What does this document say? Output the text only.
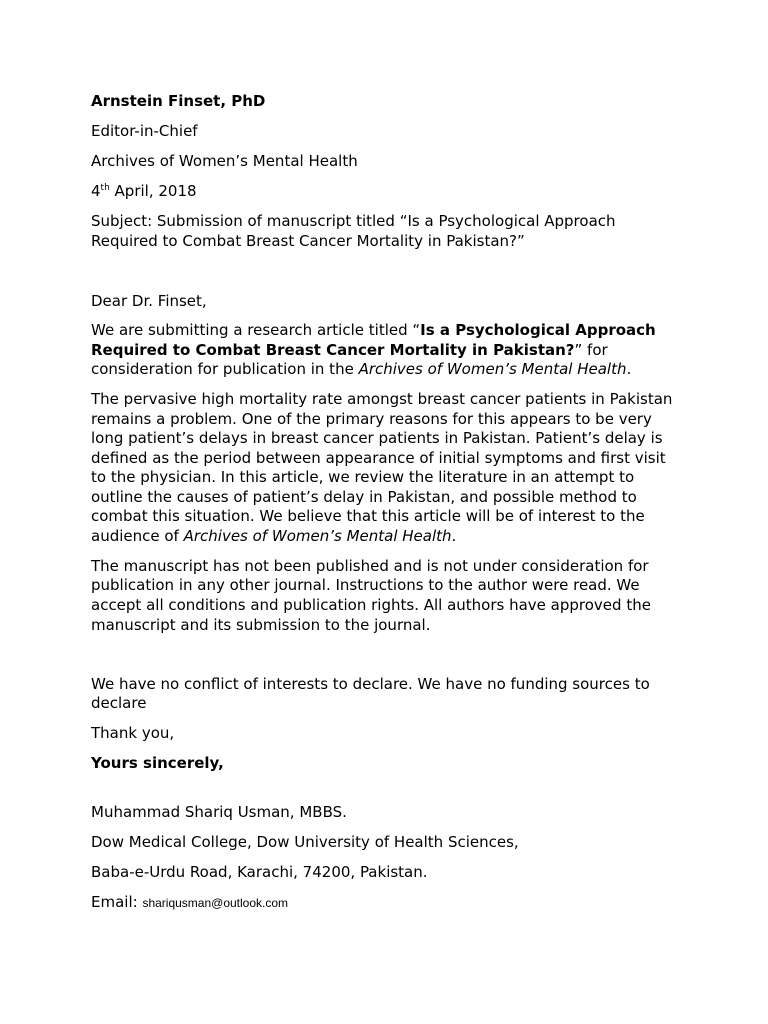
Arnstein Finset, PhD
Editor-in-Chief
Archives of Women’s Mental Health
4th April, 2018
Subject: Submission of manuscript titled “Is a Psychological Approach
Required to Combat Breast Cancer Mortality in Pakistan?”
Dear Dr. Finset,
We are submitting a research article titled “Is a Psychological Approach
Required to Combat Breast Cancer Mortality in Pakistan?” for
consideration for publication in the Archives of Women’s Mental Health.
The pervasive high mortality rate amongst breast cancer patients in Pakistan
remains a problem. One of the primary reasons for this appears to be very
long patient’s delays in breast cancer patients in Pakistan. Patient’s delay is
defined as the period between appearance of initial symptoms and first visit
to the physician. In this article, we review the literature in an attempt to
outline the causes of patient’s delay in Pakistan, and possible method to
combat this situation. We believe that this article will be of interest to the
audience of Archives of Women’s Mental Health.
The manuscript has not been published and is not under consideration for
publication in any other journal. Instructions to the author were read. We
accept all conditions and publication rights. All authors have approved the
manuscript and its submission to the journal.
We have no conflict of interests to declare. We have no funding sources to
declare
Thank you,
Yours sincerely,
Muhammad Shariq Usman, MBBS.
Dow Medical College, Dow University of Health Sciences,
Baba-e-Urdu Road, Karachi, 74200, Pakistan.
Email: shariqusman@outlook.com
